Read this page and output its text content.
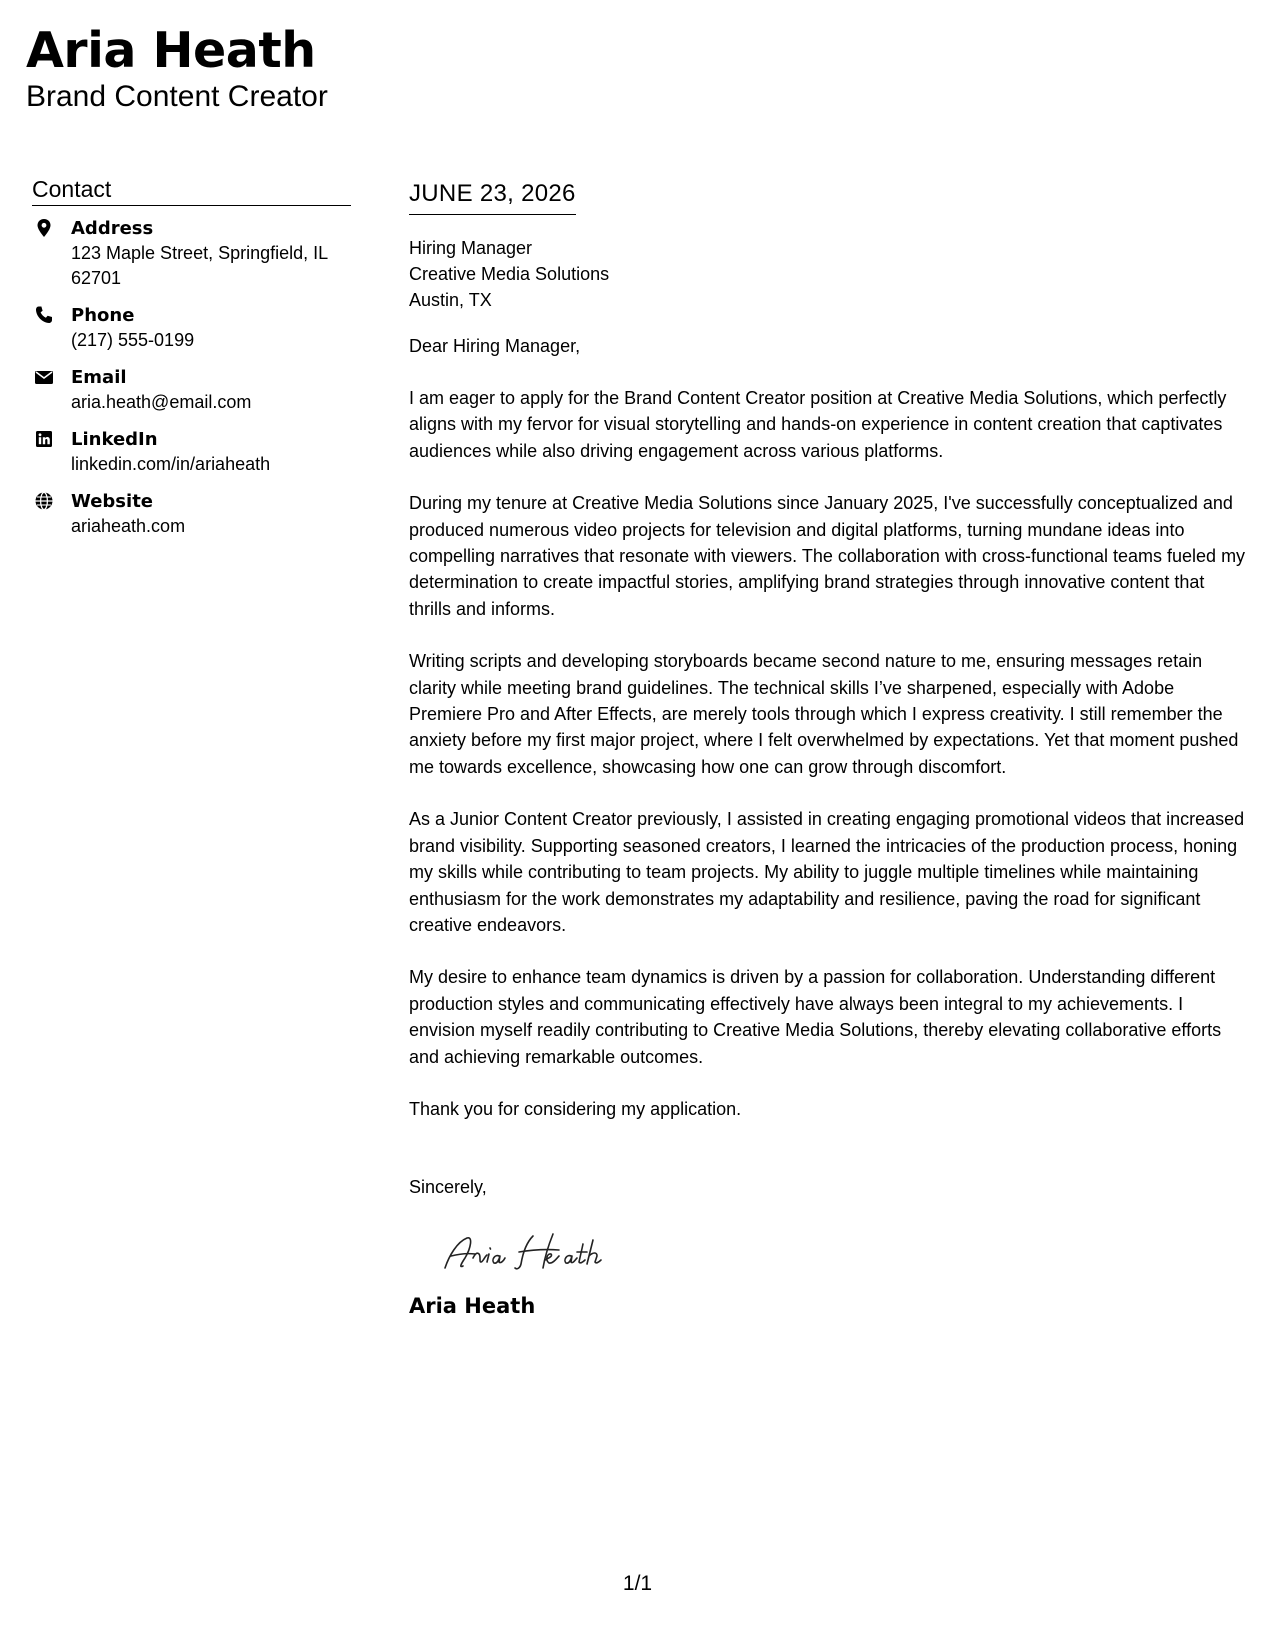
Aria Heath
Brand Content Creator
Contact
Address
123 Maple Street, Springfield, IL 62701
Phone
(217) 555-0199
Email
aria.heath@email.com
LinkedIn
linkedin.com/in/ariaheath
Website
ariaheath.com
JUNE 23, 2026
Hiring Manager
Creative Media Solutions
Austin, TX
Dear Hiring Manager,

I am eager to apply for the Brand Content Creator position at Creative Media Solutions, which perfectly aligns with my fervor for visual storytelling and hands-on experience in content creation that captivates audiences while also driving engagement across various platforms.

During my tenure at Creative Media Solutions since January 2025, I've successfully conceptualized and produced numerous video projects for television and digital platforms, turning mundane ideas into compelling narratives that resonate with viewers. The collaboration with cross-functional teams fueled my determination to create impactful stories, amplifying brand strategies through innovative content that thrills and informs.

Writing scripts and developing storyboards became second nature to me, ensuring messages retain clarity while meeting brand guidelines. The technical skills I’ve sharpened, especially with Adobe Premiere Pro and After Effects, are merely tools through which I express creativity. I still remember the anxiety before my first major project, where I felt overwhelmed by expectations. Yet that moment pushed me towards excellence, showcasing how one can grow through discomfort.

As a Junior Content Creator previously, I assisted in creating engaging promotional videos that increased brand visibility. Supporting seasoned creators, I learned the intricacies of the production process, honing my skills while contributing to team projects. My ability to juggle multiple timelines while maintaining enthusiasm for the work demonstrates my adaptability and resilience, paving the road for significant creative endeavors.

My desire to enhance team dynamics is driven by a passion for collaboration. Understanding different production styles and communicating effectively have always been integral to my achievements. I envision myself readily contributing to Creative Media Solutions, thereby elevating collaborative efforts and achieving remarkable outcomes.

Thank you for considering my application.

Sincerely,
Aria Heath
1/1
